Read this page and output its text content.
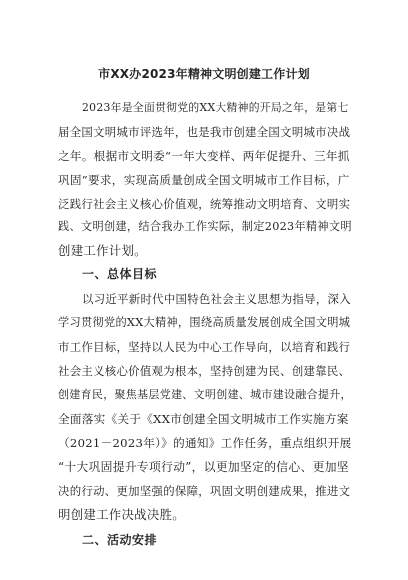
市XX办2023年精神文明创建工作计划
2023年是全面贯彻党的XX大精神的开局之年，是第七
届全国文明城市评选年，也是我市创建全国文明城市决战
之年。根据市文明委“一年大变样、两年促提升、三年抓
巩固”要求，实现高质量创成全国文明城市工作目标，广
泛践行社会主义核心价值观，统筹推动文明培育、文明实
践、文明创建，结合我办工作实际，制定2023年精神文明
创建工作计划。
一、总体目标
以习近平新时代中国特色社会主义思想为指导，深入
学习贯彻党的XX大精神，围绕高质量发展创成全国文明城
市工作目标，坚持以人民为中心工作导向，以培育和践行
社会主义核心价值观为根本，坚持创建为民、创建靠民、
创建育民，聚焦基层党建、文明创建、城市建设融合提升，
全面落实《关于《XX市创建全国文明城市工作实施方案
（2021－2023年）》的通知》工作任务，重点组织开展
“十大巩固提升专项行动”，以更加坚定的信心、更加坚
决的行动、更加坚强的保障，巩固文明创建成果，推进文
明创建工作决战决胜。
二、活动安排
